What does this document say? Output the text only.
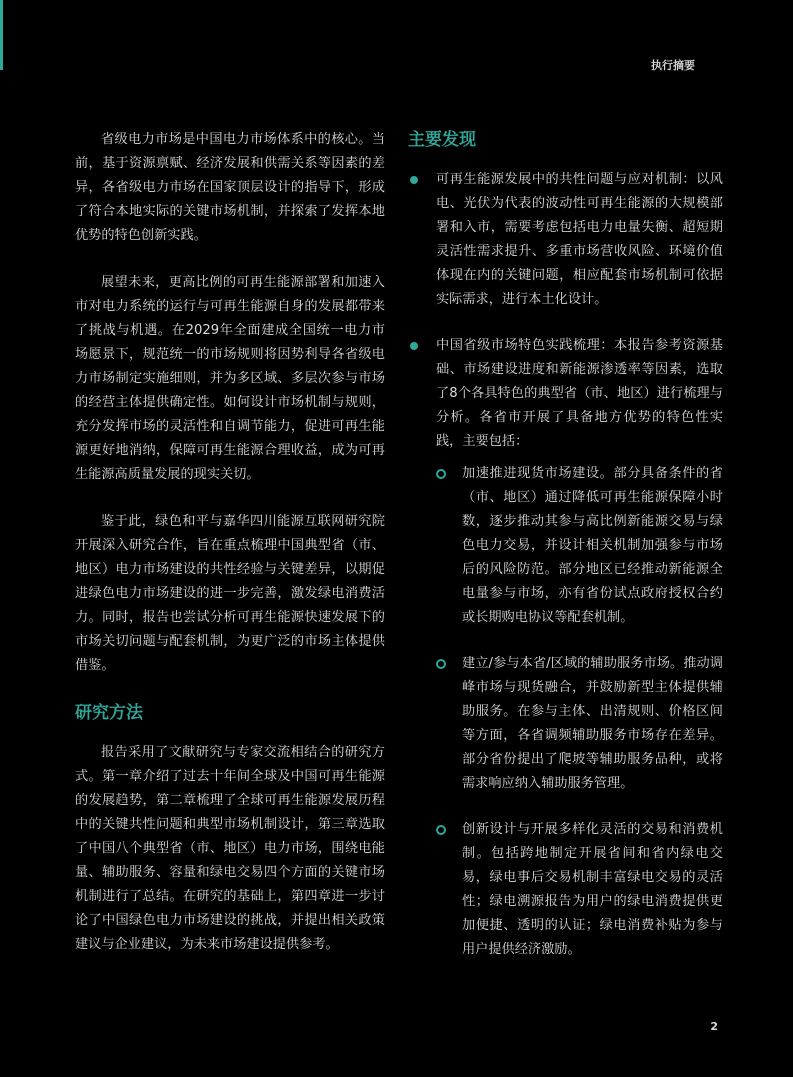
执行摘要

省级电力市场是中国电力市场体系中的核心。当前，基于资源禀赋、经济发展和供需关系等因素的差异，各省级电力市场在国家顶层设计的指导下，形成了符合本地实际的关键市场机制，并探索了发挥本地优势的特色创新实践。

展望未来，更高比例的可再生能源部署和加速入市对电力系统的运行与可再生能源自身的发展都带来了挑战与机遇。在2029年全面建成全国统一电力市场愿景下，规范统一的市场规则将因势利导各省级电力市场制定实施细则，并为多区域、多层次参与市场的经营主体提供确定性。如何设计市场机制与规则，充分发挥市场的灵活性和自调节能力，促进可再生能源更好地消纳，保障可再生能源合理收益，成为可再生能源高质量发展的现实关切。

鉴于此，绿色和平与嘉华四川能源互联网研究院开展深入研究合作，旨在重点梳理中国典型省（市、地区）电力市场建设的共性经验与关键差异，以期促进绿色电力市场建设的进一步完善，激发绿电消费活力。同时，报告也尝试分析可再生能源快速发展下的市场关切问题与配套机制，为更广泛的市场主体提供借鉴。

研究方法

报告采用了文献研究与专家交流相结合的研究方式。第一章介绍了过去十年间全球及中国可再生能源的发展趋势，第二章梳理了全球可再生能源发展历程中的关键共性问题和典型市场机制设计，第三章选取了中国八个典型省（市、地区）电力市场，围绕电能量、辅助服务、容量和绿电交易四个方面的关键市场机制进行了总结。在研究的基础上，第四章进一步讨论了中国绿色电力市场建设的挑战，并提出相关政策建议与企业建议，为未来市场建设提供参考。

主要发现
可再生能源发展中的共性问题与应对机制：以风电、光伏为代表的波动性可再生能源的大规模部署和入市，需要考虑包括电力电量失衡、超短期灵活性需求提升、多重市场营收风险、环境价值体现在内的关键问题，相应配套市场机制可依据实际需求，进行本土化设计。
中国省级市场特色实践梳理：本报告参考资源基础、市场建设进度和新能源渗透率等因素，选取了8个各具特色的典型省（市、地区）进行梳理与分析。各省市开展了具备地方优势的特色性实践，主要包括：
加速推进现货市场建设。部分具备条件的省（市、地区）通过降低可再生能源保障小时数，逐步推动其参与高比例新能源交易与绿色电力交易，并设计相关机制加强参与市场后的风险防范。部分地区已经推动新能源全电量参与市场，亦有省份试点政府授权合约或长期购电协议等配套机制。
建立/参与本省/区域的辅助服务市场。推动调峰市场与现货融合，并鼓励新型主体提供辅助服务。在参与主体、出清规则、价格区间等方面，各省调频辅助服务市场存在差异。部分省份提出了爬坡等辅助服务品种，或将需求响应纳入辅助服务管理。
创新设计与开展多样化灵活的交易和消费机制。包括跨地制定开展省间和省内绿电交易，绿电事后交易机制丰富绿电交易的灵活性；绿电溯源报告为用户的绿电消费提供更加便捷、透明的认证；绿电消费补贴为参与用户提供经济激励。
2
